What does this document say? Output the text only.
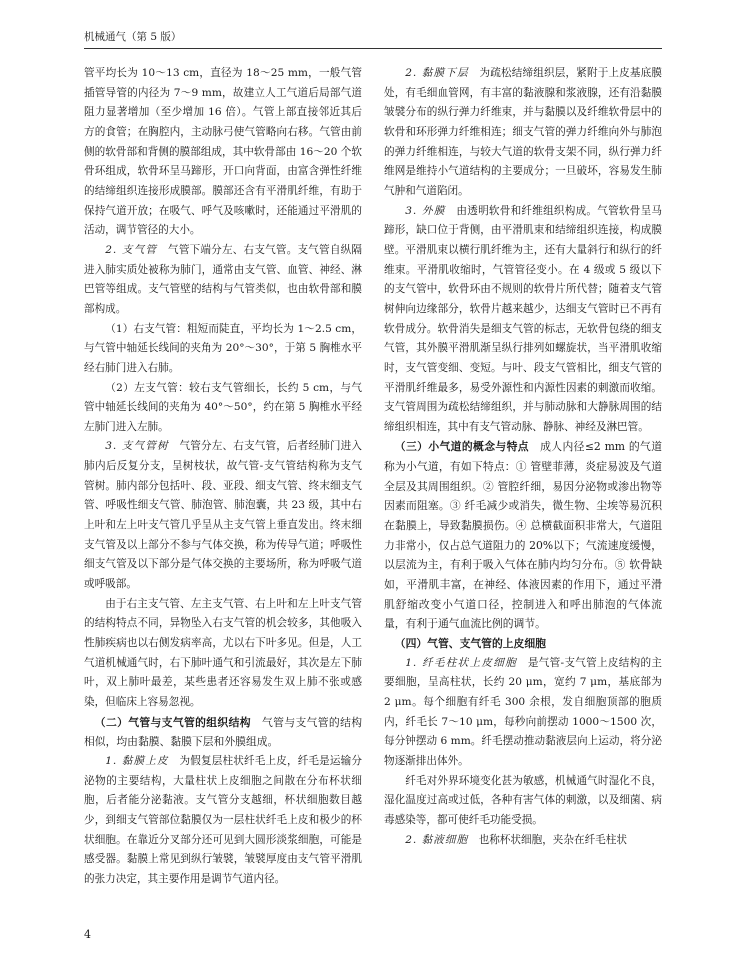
机械通气（第 5 版）

管平均长为 10～13 cm，直径为 18～25 mm，一般气管插管导管的内径为 7～9 mm，故建立人工气道后局部气道阻力显著增加（至少增加 16 倍）。气管上部直接邻近其后方的食管；在胸腔内，主动脉弓使气管略向右移。气管由前侧的软骨部和背侧的膜部组成，其中软骨部由 16～20 个软骨环组成，软骨环呈马蹄形，开口向背面，由富含弹性纤维的结缔组织连接形成膜部。膜部还含有平滑肌纤维，有助于保持气道开放；在吸气、呼气及咳嗽时，还能通过平滑肌的活动，调节管径的大小。

2. 支气管　 气管下端分左、右支气管。支气管自纵隔进入肺实质处被称为肺门，通常由支气管、血管、神经、淋巴管等组成。支气管壁的结构与气管类似，也由软骨部和膜部构成。

（1）右支气管：粗短而陡直，平均长为 1～2.5 cm，与气管中轴延长线间的夹角为 20°～30°，于第 5 胸椎水平经右肺门进入右肺。

（2）左支气管：较右支气管细长，长约 5 cm，与气管中轴延长线间的夹角为 40°～50°，约在第 5 胸椎水平经左肺门进入左肺。

3. 支气管树　 气管分左、右支气管，后者经肺门进入肺内后反复分支，呈树枝状，故气管-支气管结构称为支气管树。肺内部分包括叶、段、亚段、细支气管、终末细支气管、呼吸性细支气管、肺泡管、肺泡囊，共 23 级，其中右上叶和左上叶支气管几乎呈从主支气管上垂直发出。终末细支气管及以上部分不参与气体交换，称为传导气道；呼吸性细支气管及以下部分是气体交换的主要场所，称为呼吸气道或呼吸部。

由于右主支气管、左主支气管、右上叶和左上叶支气管的结构特点不同，异物坠入右支气管的机会较多，其他吸入性肺疾病也以右侧发病率高，尤以右下叶多见。但是，人工气道机械通气时，右下肺叶通气和引流最好，其次是左下肺叶，双上肺叶最差，某些患者还容易发生双上肺不张或感染，但临床上容易忽视。

（二）气管与支气管的组织结构　 气管与支气管的结构相似，均由黏膜、黏膜下层和外膜组成。

1. 黏膜上皮　 为假复层柱状纤毛上皮，纤毛是运输分泌物的主要结构，大量柱状上皮细胞之间散在分布杯状细胞，后者能分泌黏液。支气管分支越细，杯状细胞数目越少，到细支气管部位黏膜仅为一层柱状纤毛上皮和极少的杯状细胞。在靠近分叉部分还可见到大圆形淡浆细胞，可能是感受器。黏膜上常见到纵行皱襞，皱襞厚度由支气管平滑肌的张力决定，其主要作用是调节气道内径。

2. 黏膜下层　 为疏松结缔组织层，紧附于上皮基底膜处，有毛细血管网，有丰富的黏液腺和浆液腺，还有沿黏膜皱襞分布的纵行弹力纤维束，并与黏膜以及纤维软骨层中的软骨和环形弹力纤维相连；细支气管的弹力纤维向外与肺泡的弹力纤维相连，与较大气道的软骨支架不同，纵行弹力纤维网是维持小气道结构的主要成分；一旦破坏，容易发生肺气肿和气道陷闭。

3. 外膜　 由透明软骨和纤维组织构成。气管软骨呈马蹄形，缺口位于背侧，由平滑肌束和结缔组织连接，构成膜壁。平滑肌束以横行肌纤维为主，还有大量斜行和纵行的纤维束。平滑肌收缩时，气管管径变小。在 4 级或 5 级以下的支气管中，软骨环由不规则的软骨片所代替；随着支气管树伸向边缘部分，软骨片越来越少，达细支气管时已不再有软骨成分。软骨消失是细支气管的标志，无软骨包绕的细支气管，其外膜平滑肌渐呈纵行排列如螺旋状，当平滑肌收缩时，支气管变细、变短。与叶、段支气管相比，细支气管的平滑肌纤维最多，易受外源性和内源性因素的刺激而收缩。支气管周围为疏松结缔组织，并与肺动脉和大静脉周围的结缔组织相连，其中有支气管动脉、静脉、神经及淋巴管。

（三）小气道的概念与特点　 成人内径≤2 mm 的气道称为小气道，有如下特点：① 管壁菲薄，炎症易波及气道全层及其周围组织。② 管腔纤细，易因分泌物或渗出物等因素而阻塞。③ 纤毛减少或消失，微生物、尘埃等易沉积在黏膜上，导致黏膜损伤。④ 总横截面积非常大，气道阻力非常小，仅占总气道阻力的 20%以下；气流速度缓慢，以层流为主，有利于吸入气体在肺内均匀分布。⑤ 软骨缺如，平滑肌丰富，在神经、体液因素的作用下，通过平滑肌舒缩改变小气道口径，控制进入和呼出肺泡的气体流量，有利于通气血流比例的调节。
（四）气管、支气管的上皮细胞

1. 纤毛柱状上皮细胞　 是气管-支气管上皮结构的主要细胞，呈高柱状，长约 20 μm，宽约 7 μm，基底部为 2 μm。每个细胞有纤毛 300 余根，发自细胞顶部的胞质内，纤毛长 7～10 μm，每秒向前摆动 1000～1500 次，每分钟摆动 6 mm。纤毛摆动推动黏液层向上运动，将分泌物逐渐排出体外。

纤毛对外界环境变化甚为敏感，机械通气时湿化不良，湿化温度过高或过低，各种有害气体的刺激，以及细菌、病毒感染等，都可使纤毛功能受损。

2. 黏液细胞　 也称杯状细胞，夹杂在纤毛柱状

4
